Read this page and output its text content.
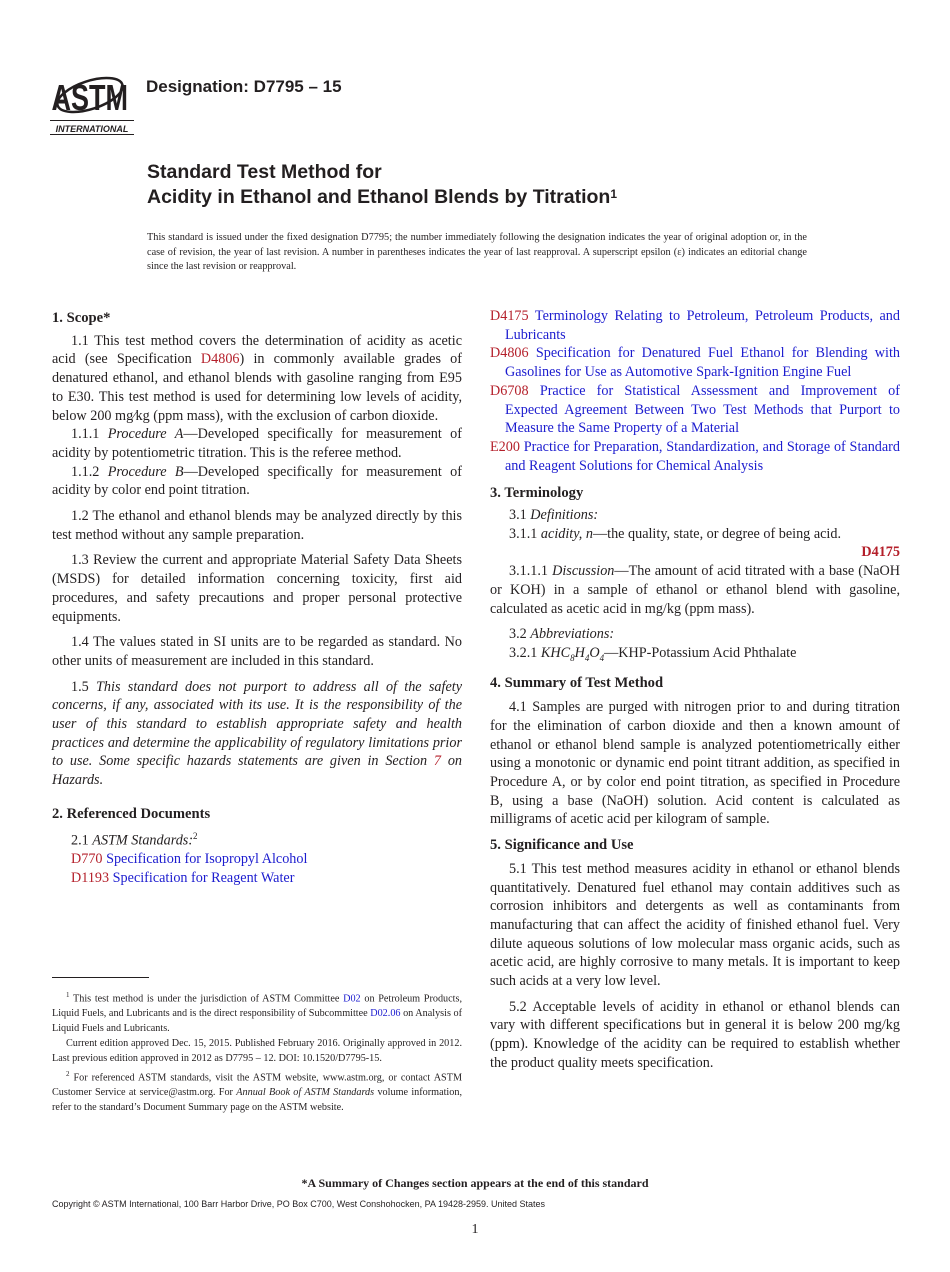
ASTM
INTERNATIONAL
Designation: D7795 – 15
Standard Test Method for
Acidity in Ethanol and Ethanol Blends by Titration$^1$
This standard is issued under the fixed designation D7795; the number immediately following the designation indicates the year of original adoption or, in the case of revision, the year of last revision. A number in parentheses indicates the year of last reapproval. A superscript epsilon (ε) indicates an editorial change since the last revision or reapproval.

1. Scope*

1.1 This test method covers the determination of acidity as acetic acid (see Specification D4806) in commonly available grades of denatured ethanol, and ethanol blends with gasoline ranging from E95 to E30. This test method is used for determining low levels of acidity, below 200 mg⁄kg (ppm mass), with the exclusion of carbon dioxide.

1.1.1 Procedure A—Developed specifically for measurement of acidity by potentiometric titration. This is the referee method.

1.1.2 Procedure B—Developed specifically for measurement of acidity by color end point titration.

1.2 The ethanol and ethanol blends may be analyzed directly by this test method without any sample preparation.

1.3 Review the current and appropriate Material Safety Data Sheets (MSDS) for detailed information concerning toxicity, first aid procedures, and safety precautions and proper personal protective equipments.

1.4 The values stated in SI units are to be regarded as standard. No other units of measurement are included in this standard.

1.5 This standard does not purport to address all of the safety concerns, if any, associated with its use. It is the responsibility of the user of this standard to establish appropriate safety and health practices and determine the applicability of regulatory limitations prior to use. Some specific hazards statements are given in Section 7 on Hazards.

2. Referenced Documents

2.1 ASTM Standards:$^2$

D770 Specification for Isopropyl Alcohol

D1193 Specification for Reagent Water

$^1$ This test method is under the jurisdiction of ASTM Committee D02 on Petroleum Products, Liquid Fuels, and Lubricants and is the direct responsibility of Subcommittee D02.06 on Analysis of Liquid Fuels and Lubricants.

Current edition approved Dec. 15, 2015. Published February 2016. Originally approved in 2012. Last previous edition approved in 2012 as D7795 – 12. DOI: 10.1520/D7795-15.

$^2$ For referenced ASTM standards, visit the ASTM website, www.astm.org, or contact ASTM Customer Service at service@astm.org. For Annual Book of ASTM Standards volume information, refer to the standard’s Document Summary page on the ASTM website.

D4175 Terminology Relating to Petroleum, Petroleum Products, and Lubricants

D4806 Specification for Denatured Fuel Ethanol for Blending with Gasolines for Use as Automotive Spark-Ignition Engine Fuel

D6708 Practice for Statistical Assessment and Improvement of Expected Agreement Between Two Test Methods that Purport to Measure the Same Property of a Material

E200 Practice for Preparation, Standardization, and Storage of Standard and Reagent Solutions for Chemical Analysis

3. Terminology

3.1 Definitions:

3.1.1 acidity, n—the quality, state, or degree of being acid.

D4175

3.1.1.1 Discussion—The amount of acid titrated with a base (NaOH or KOH) in a sample of ethanol or ethanol blend with gasoline, calculated as acetic acid in mg/kg (ppm mass).

3.2 Abbreviations:

3.2.1 $KHC_8H_4O_4—KHP$-Potassium Acid Phthalate

4. Summary of Test Method

4.1 Samples are purged with nitrogen prior to and during titration for the elimination of carbon dioxide and then a known amount of ethanol or ethanol blend sample is analyzed potentiometrically either using a monotonic or dynamic end point titrant addition, as specified in Procedure A, or by color end point titration, as specified in Procedure B, using a base (NaOH) solution. Acid content is calculated as milligrams of acetic acid per kilogram of sample.

5. Significance and Use

5.1 This test method measures acidity in ethanol or ethanol blends quantitatively. Denatured fuel ethanol may contain additives such as corrosion inhibitors and detergents as well as contaminants from manufacturing that can affect the acidity of finished ethanol fuel. Very dilute aqueous solutions of low molecular mass organic acids, such as acetic acid, are highly corrosive to many metals. It is important to keep such acids at a very low level.

5.2 Acceptable levels of acidity in ethanol or ethanol blends can vary with different specifications but in general it is below 200 mg/kg (ppm). Knowledge of the acidity can be required to establish whether the product quality meets specification.

*A Summary of Changes section appears at the end of this standard
Copyright © ASTM International, 100 Barr Harbor Drive, PO Box C700, West Conshohocken, PA 19428-2959. United States
1
